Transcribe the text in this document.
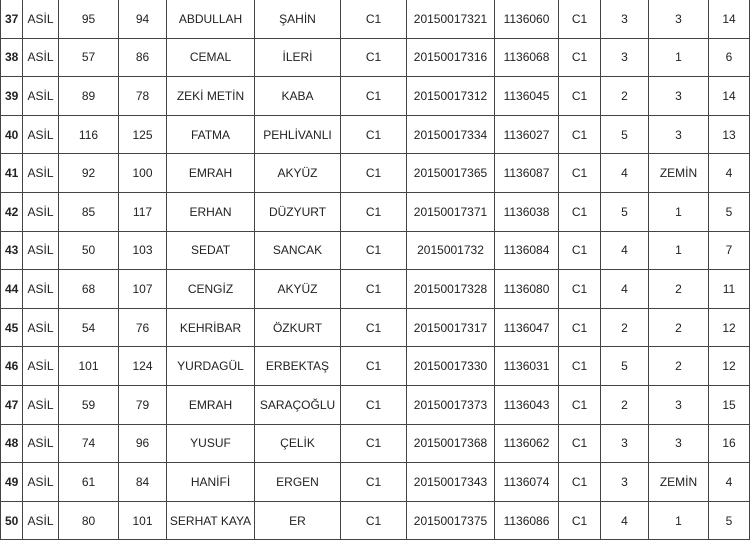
37	ASİL	95	94	ABDULLAH	ŞAHİN	C1	20150017321	1136060	C1	3	3	14
38	ASİL	57	86	CEMAL	İLERİ	C1	20150017316	1136068	C1	3	1	6
39	ASİL	89	78	ZEKİ METİN	KABA	C1	20150017312	1136045	C1	2	3	14
40	ASİL	116	125	FATMA	PEHLİVANLI	C1	20150017334	1136027	C1	5	3	13
41	ASİL	92	100	EMRAH	AKYÜZ	C1	20150017365	1136087	C1	4	ZEMİN	4
42	ASİL	85	117	ERHAN	DÜZYURT	C1	20150017371	1136038	C1	5	1	5
43	ASİL	50	103	SEDAT	SANCAK	C1	2015001732	1136084	C1	4	1	7
44	ASİL	68	107	CENGİZ	AKYÜZ	C1	20150017328	1136080	C1	4	2	11
45	ASİL	54	76	KEHRİBAR	ÖZKURT	C1	20150017317	1136047	C1	2	2	12
46	ASİL	101	124	YURDAGÜL	ERBEKTAŞ	C1	20150017330	1136031	C1	5	2	12
47	ASİL	59	79	EMRAH	SARAÇOĞLU	C1	20150017373	1136043	C1	2	3	15
48	ASİL	74	96	YUSUF	ÇELİK	C1	20150017368	1136062	C1	3	3	16
49	ASİL	61	84	HANİFİ	ERGEN	C1	20150017343	1136074	C1	3	ZEMİN	4
50	ASİL	80	101	SERHAT KAYA	ER	C1	20150017375	1136086	C1	4	1	5
